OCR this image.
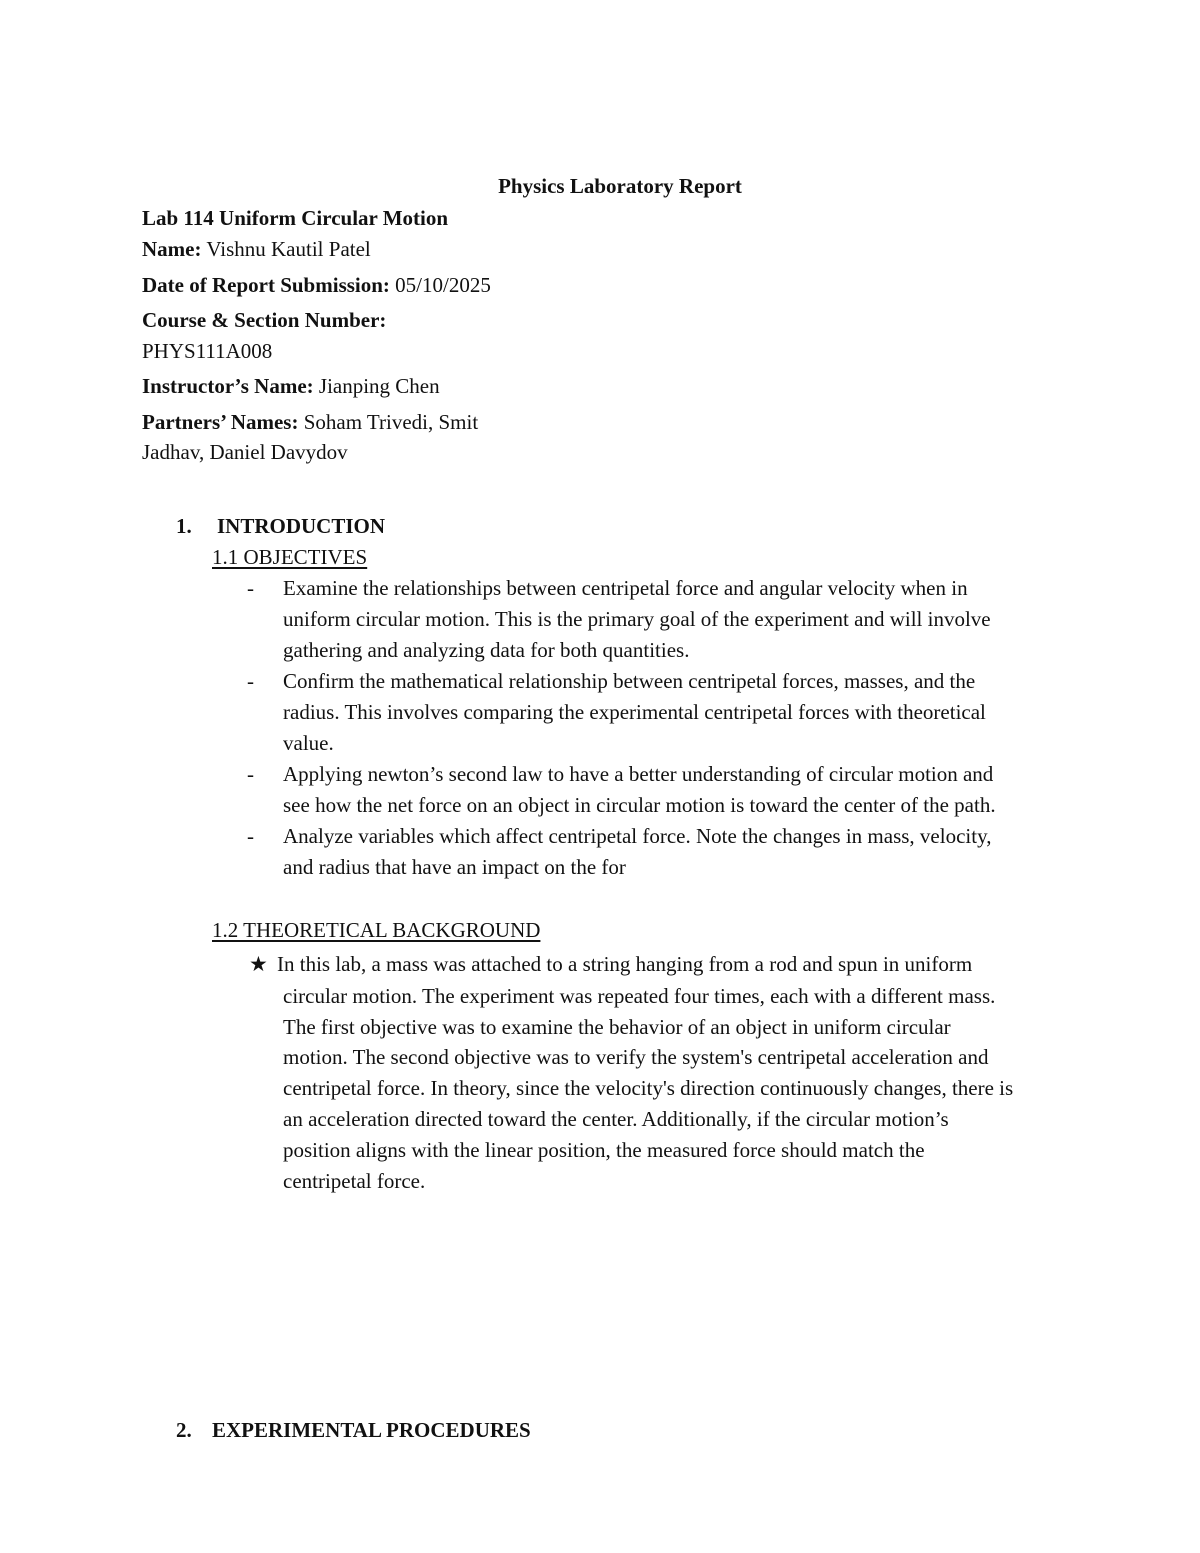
Physics Laboratory Report
Lab 114 Uniform Circular Motion
Name: Vishnu Kautil Patel
Date of Report Submission: 05/10/2025
Course & Section Number:
PHYS111A008
Instructor’s Name: Jianping Chen
Partners’ Names: Soham Trivedi, Smit
Jadhav, Daniel Davydov
1. INTRODUCTION
1.1 OBJECTIVES
- Examine the relationships between centripetal force and angular velocity when in
uniform circular motion. This is the primary goal of the experiment and will involve
gathering and analyzing data for both quantities.
- Confirm the mathematical relationship between centripetal forces, masses, and the
radius. This involves comparing the experimental centripetal forces with theoretical
value.
- Applying newton’s second law to have a better understanding of circular motion and
see how the net force on an object in circular motion is toward the center of the path.
- Analyze variables which affect centripetal force. Note the changes in mass, velocity,
and radius that have an impact on the for
1.2 THEORETICAL BACKGROUND
★ In this lab, a mass was attached to a string hanging from a rod and spun in uniform
circular motion. The experiment was repeated four times, each with a different mass.
The first objective was to examine the behavior of an object in uniform circular
motion. The second objective was to verify the system's centripetal acceleration and
centripetal force. In theory, since the velocity's direction continuously changes, there is
an acceleration directed toward the center. Additionally, if the circular motion’s
position aligns with the linear position, the measured force should match the
centripetal force.
2. EXPERIMENTAL PROCEDURES
